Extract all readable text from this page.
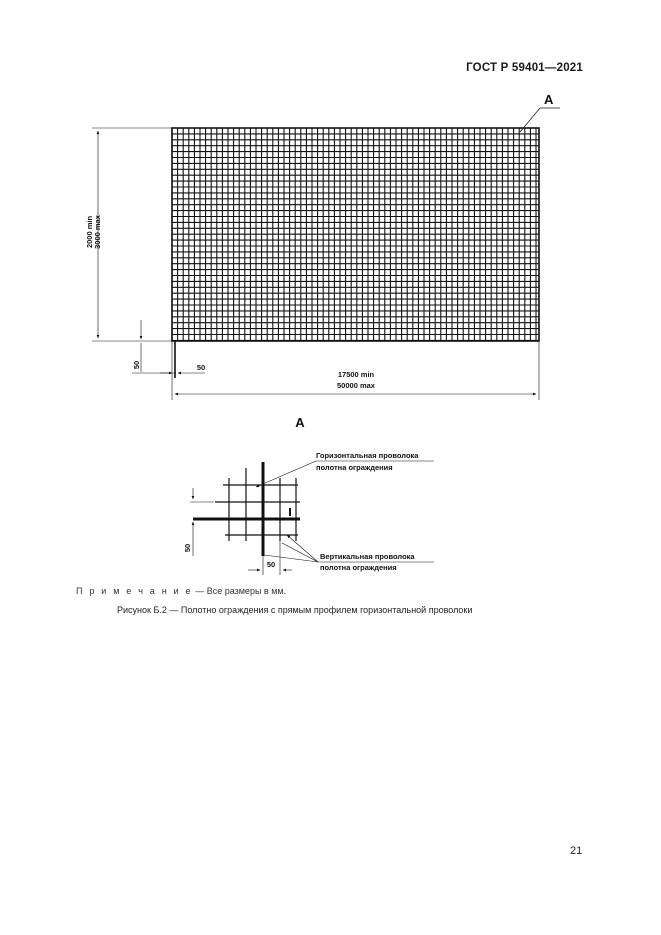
ГОСТ Р 59401—2021
2000 min 3000 max
50	50
17500 min
50000 max
А
А
50
50
Горизонтальная проволока
полотна ограждения
Вертикальная проволока
полотна ограждения
П р и м е ч а н и е — Все размеры в мм.
Рисунок Б.2 — Полотно ограждения с прямым профилем горизонтальной проволоки
21
